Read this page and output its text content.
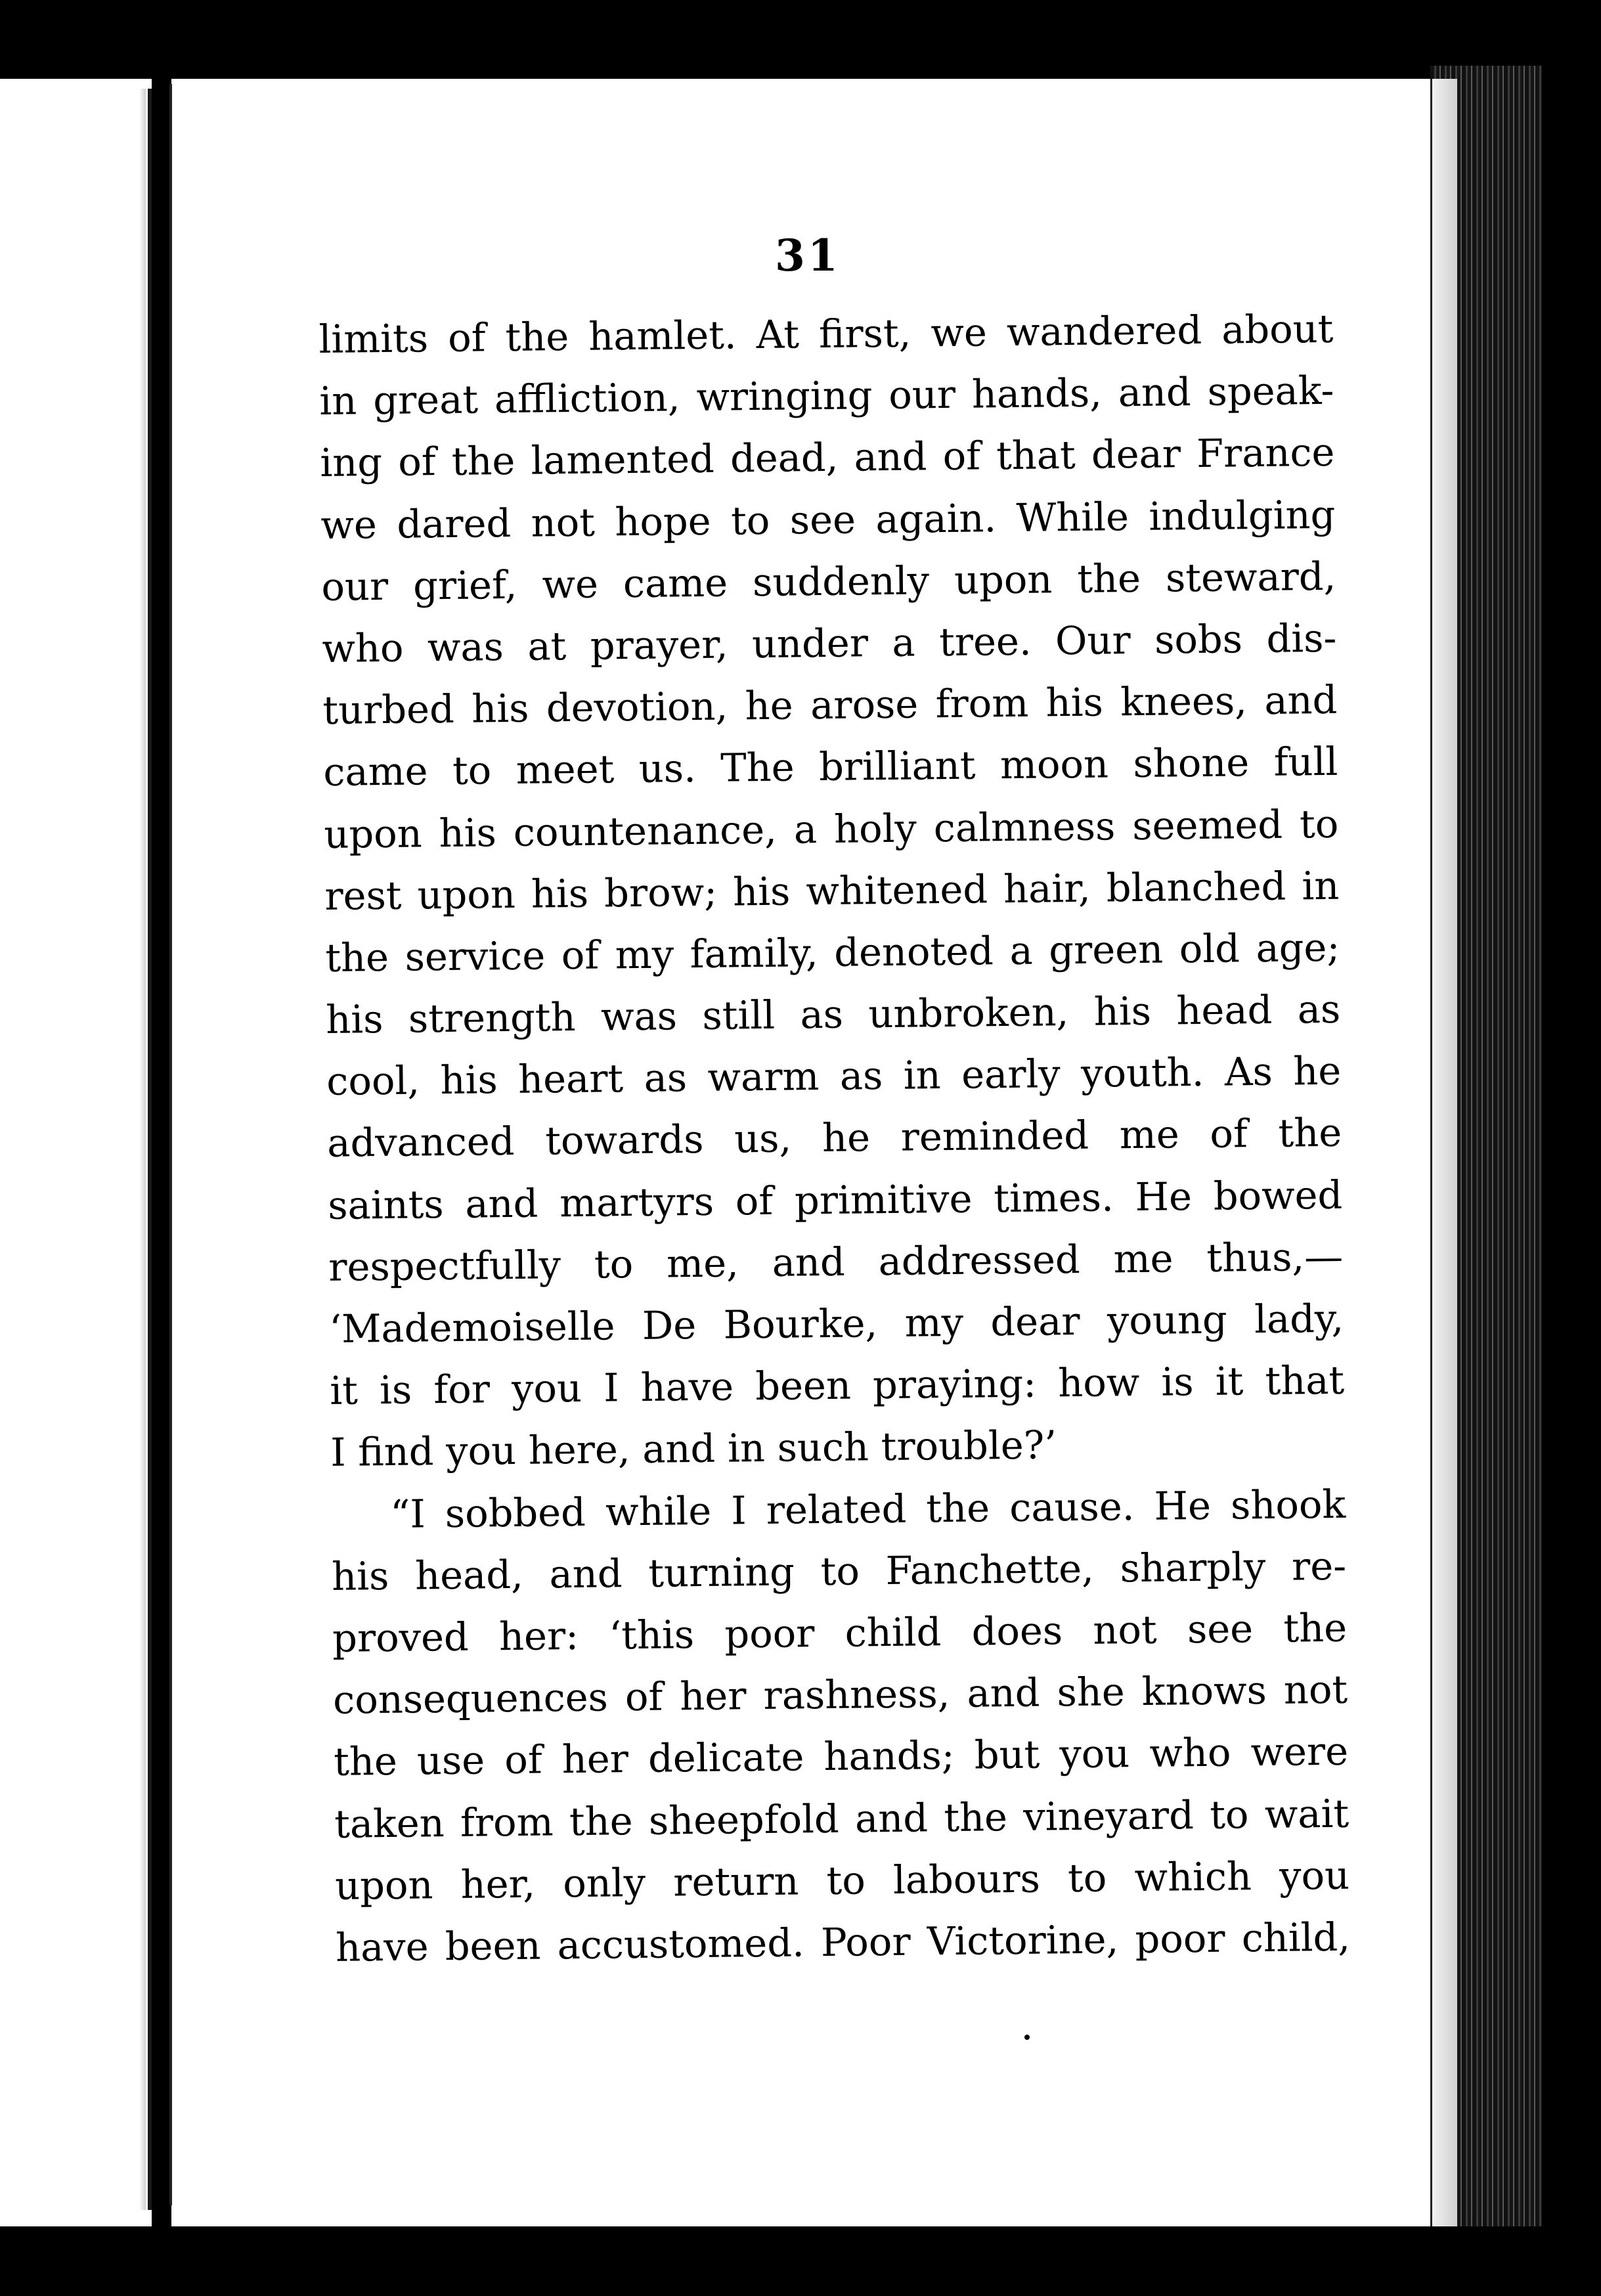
31
limits of the hamlet. At first, we wandered about
in great affliction, wringing our hands, and speak-
ing of the lamented dead, and of that dear France
we dared not hope to see again. While indulging
our grief, we came suddenly upon the steward,
who was at prayer, under a tree. Our sobs dis-
turbed his devotion, he arose from his knees, and
came to meet us. The brilliant moon shone full
upon his countenance, a holy calmness seemed to
rest upon his brow; his whitened hair, blanched in
the service of my family, denoted a green old age;
his strength was still as unbroken, his head as
cool, his heart as warm as in early youth. As he
advanced towards us, he reminded me of the
saints and martyrs of primitive times. He bowed
respectfully to me, and addressed me thus,—
‘Mademoiselle De Bourke, my dear young lady,
it is for you I have been praying: how is it that
I find you here, and in such trouble?’
“I sobbed while I related the cause. He shook
his head, and turning to Fanchette, sharply re-
proved her: ‘this poor child does not see the
consequences of her rashness, and she knows not
the use of her delicate hands; but you who were
taken from the sheepfold and the vineyard to wait
upon her, only return to labours to which you
have been accustomed. Poor Victorine, poor child,
